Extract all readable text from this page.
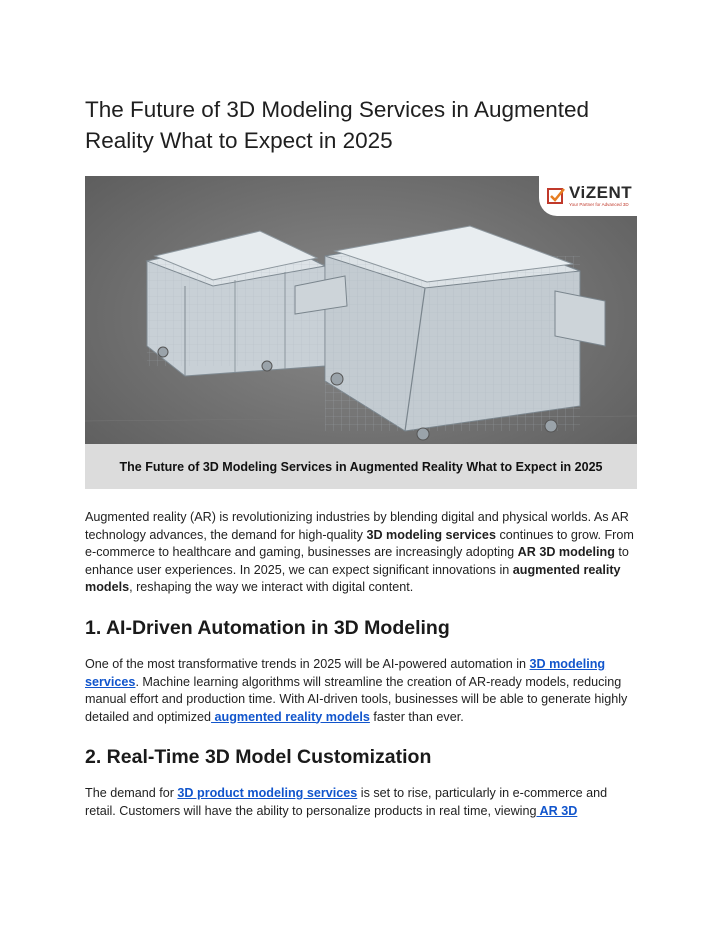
The Future of 3D Modeling Services in Augmented Reality What to Expect in 2025
ViZENT
Your Partner for Advanced 3D
The Future of 3D Modeling Services in Augmented Reality What to Expect in 2025

Augmented reality (AR) is revolutionizing industries by blending digital and physical worlds. As AR technology advances, the demand for high-quality 3D modeling services continues to grow. From e-commerce to healthcare and gaming, businesses are increasingly adopting AR 3D modeling to enhance user experiences. In 2025, we can expect significant innovations in augmented reality models, reshaping the way we interact with digital content.

1. AI-Driven Automation in 3D Modeling

One of the most transformative trends in 2025 will be AI-powered automation in 3D modeling services. Machine learning algorithms will streamline the creation of AR-ready models, reducing manual effort and production time. With AI-driven tools, businesses will be able to generate highly detailed and optimized augmented reality models faster than ever.

2. Real-Time 3D Model Customization

The demand for 3D product modeling services is set to rise, particularly in e-commerce and retail. Customers will have the ability to personalize products in real time, viewing AR 3D
